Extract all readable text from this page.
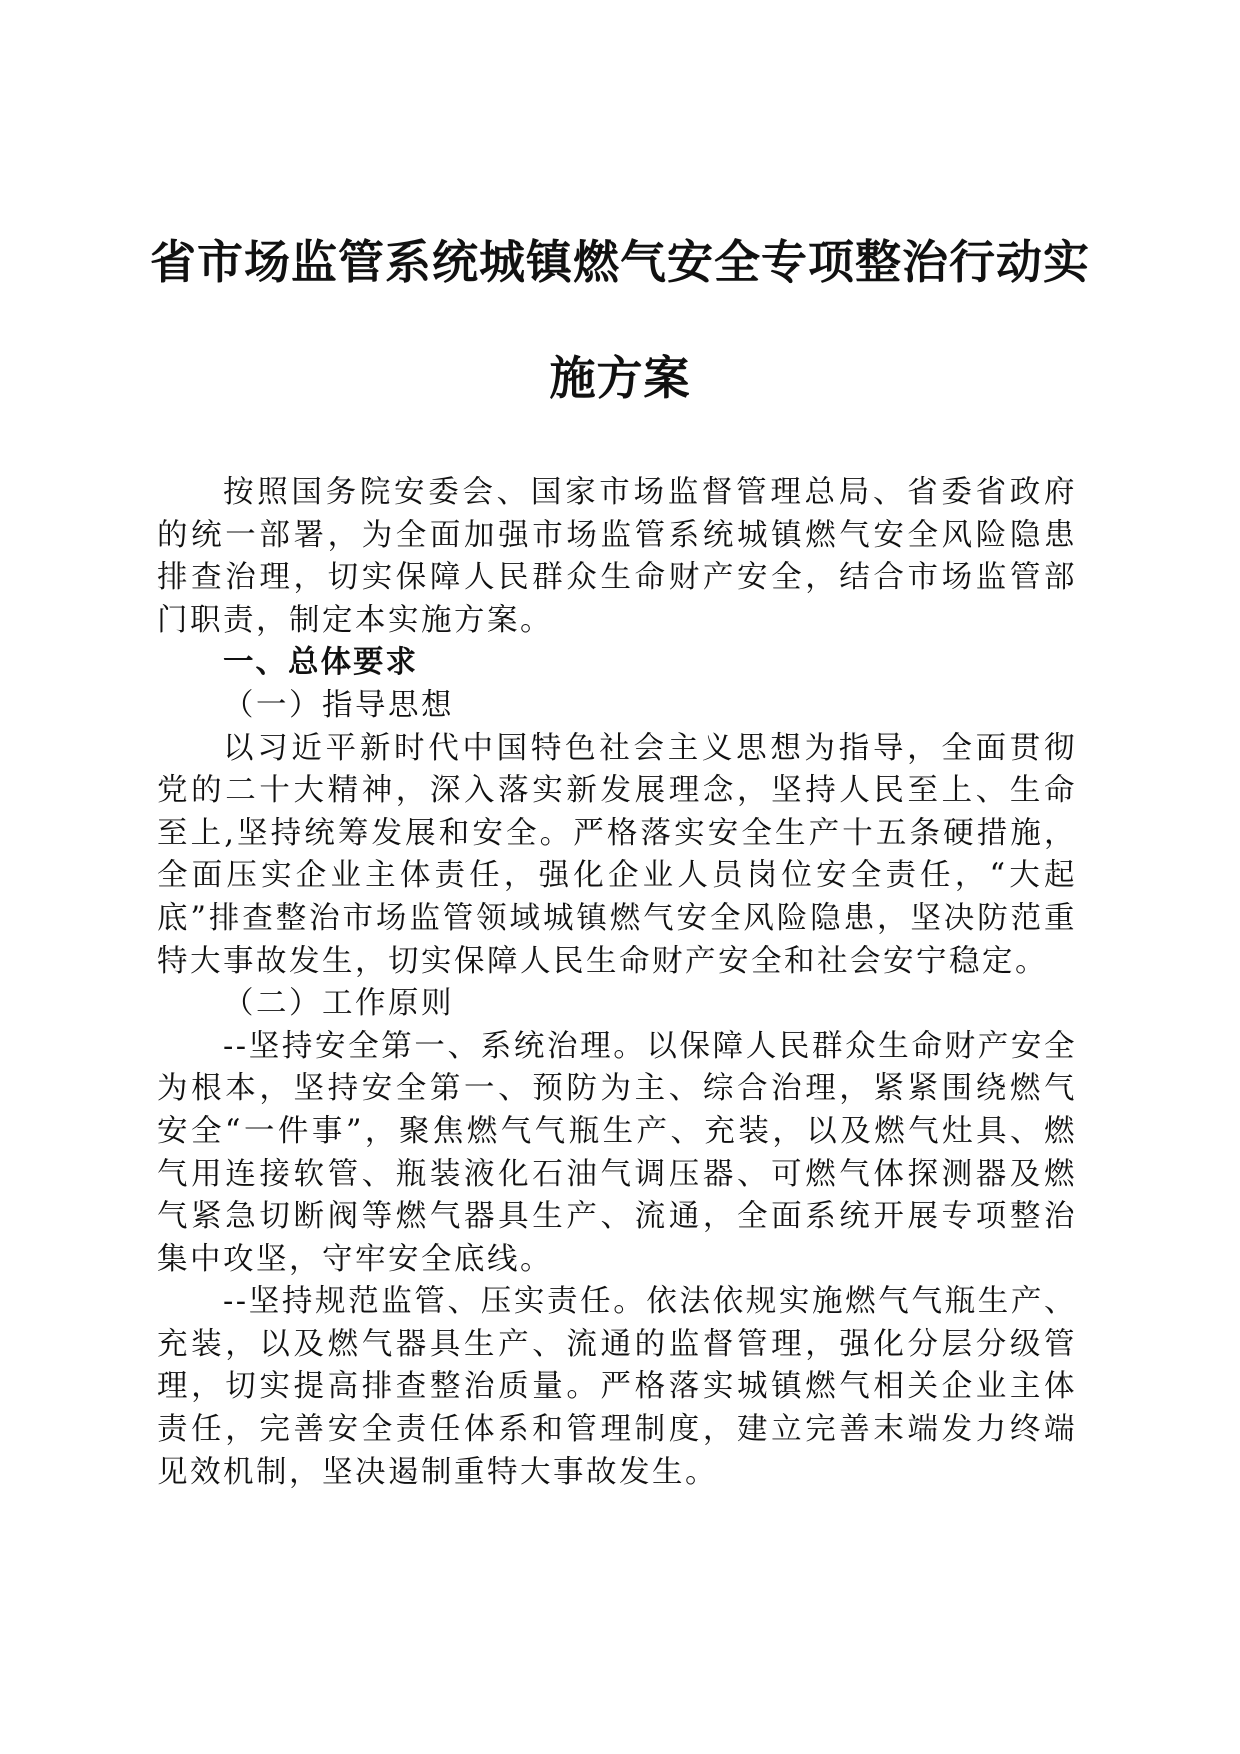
省市场监管系统城镇燃气安全专项整治行动实
施方案

按照国务院安委会、国家市场监督管理总局、省委省政府的统一部署，为全面加强市场监管系统城镇燃气安全风险隐患排查治理，切实保障人民群众生命财产安全，结合市场监管部门职责，制定本实施方案。

一、总体要求

（一）指导思想

以习近平新时代中国特色社会主义思想为指导，全面贯彻党的二十大精神，深入落实新发展理念，坚持人民至上、生命至上,坚持统筹发展和安全。严格落实安全生产十五条硬措施，全面压实企业主体责任，强化企业人员岗位安全责任，“大起底”排查整治市场监管领域城镇燃气安全风险隐患，坚决防范重特大事故发生，切实保障人民生命财产安全和社会安宁稳定。

（二）工作原则

--坚持安全第一、系统治理。以保障人民群众生命财产安全为根本，坚持安全第一、预防为主、综合治理，紧紧围绕燃气安全“一件事”，聚焦燃气气瓶生产、充装，以及燃气灶具、燃气用连接软管、瓶装液化石油气调压器、可燃气体探测器及燃气紧急切断阀等燃气器具生产、流通，全面系统开展专项整治集中攻坚，守牢安全底线。

--坚持规范监管、压实责任。依法依规实施燃气气瓶生产、充装，以及燃气器具生产、流通的监督管理，强化分层分级管理，切实提高排查整治质量。严格落实城镇燃气相关企业主体责任，完善安全责任体系和管理制度，建立完善末端发力终端见效机制，坚决遏制重特大事故发生。
